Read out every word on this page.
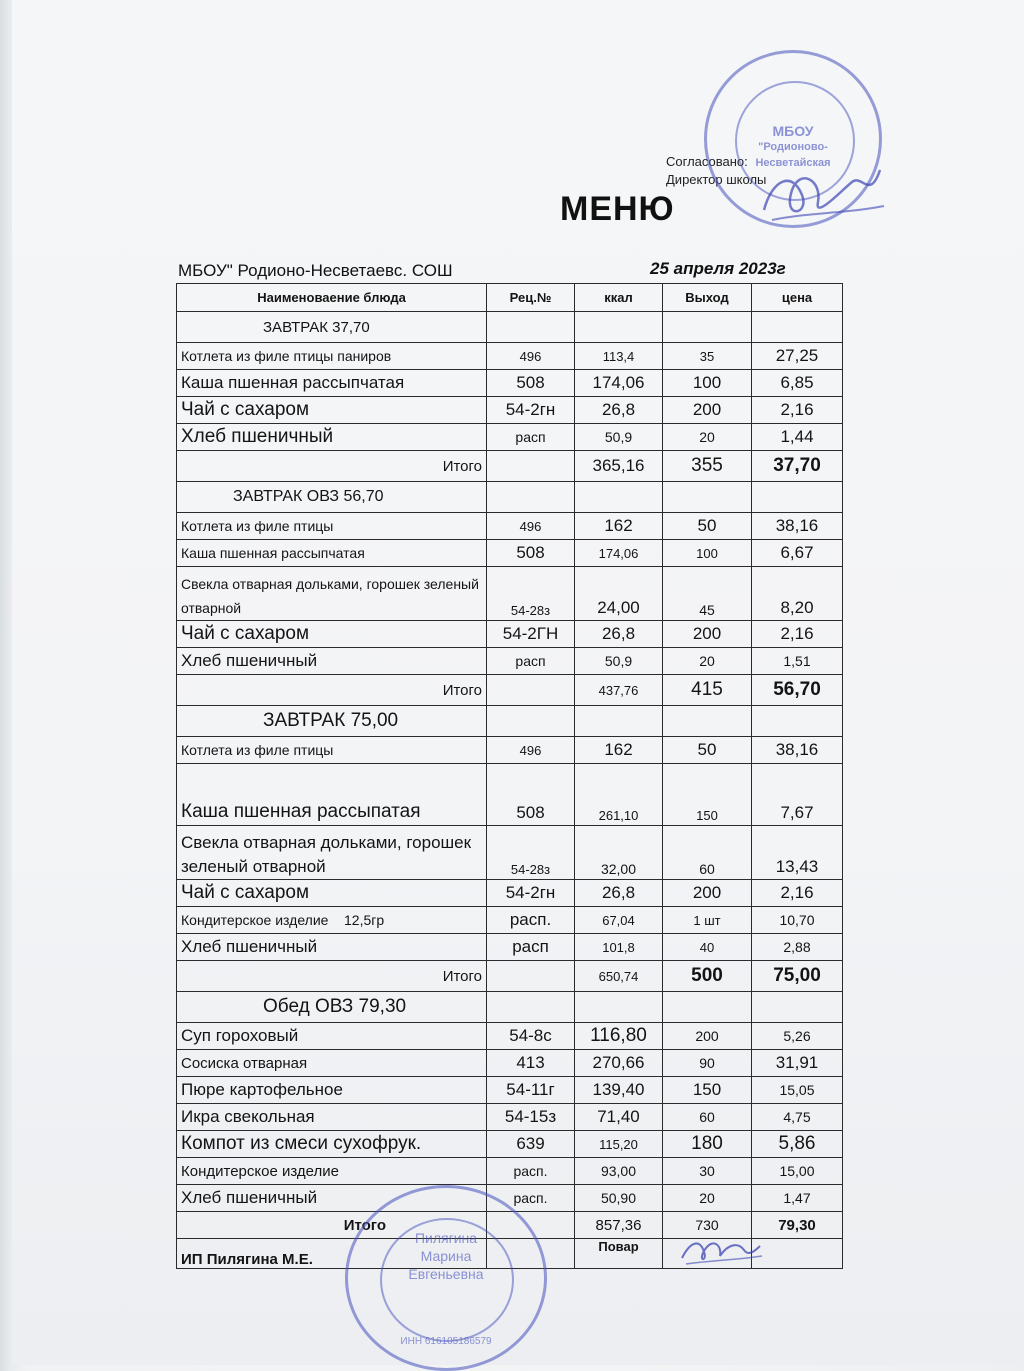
Согласовано:
Директор школы
МБОУ
"Родионово-
Несветайская
МЕНЮ
МБОУ" Родионо-Несветаевс. СОШ	25 апреля 2023г
Наименоваение блюда	Рец.№	ккал	Выход	цена
ЗАВТРАК 37,70				
Котлета из филе птицы паниров	496	113,4	35	27,25
Каша пшенная рассыпчатая	508	174,06	100	6,85
Чай с сахаром	54-2гн	26,8	200	2,16
Хлеб пшеничный	расп	50,9	20	1,44
Итого		365,16	355	37,70
ЗАВТРАК ОВЗ 56,70				
Котлета из филе птицы	496	162	50	38,16
Каша пшенная рассыпчатая	508	174,06	100	6,67
Свекла отварная дольками, горошек зеленый отварной	54-28з	24,00	45	8,20
Чай с сахаром	54-2ГН	26,8	200	2,16
Хлеб пшеничный	расп	50,9	20	1,51
Итого		437,76	415	56,70
ЗАВТРАК 75,00				
Котлета из филе птицы	496	162	50	38,16
Каша пшенная рассыпатая	508	261,10	150	7,67
Свекла отварная дольками, горошек зеленый отварной	54-28з	32,00	60	13,43
Чай с сахаром	54-2гн	26,8	200	2,16
Кондитерское изделие 12,5гр	расп.	67,04	1 шт	10,70
Хлеб пшеничный	расп	101,8	40	2,88
Итого		650,74	500	75,00
Обед ОВЗ 79,30				
Суп гороховый	54-8с	116,80	200	5,26
Сосиска отварная	413	270,66	90	31,91
Пюре картофельное	54-11г	139,40	150	15,05
Икра свекольная	54-15з	71,40	60	4,75
Компот из смеси сухофрук.	639	115,20	180	5,86
Кондитерское изделие	расп.	93,00	30	15,00
Хлеб пшеничный	расп.	50,90	20	1,47
Итого		857,36	730	79,30
ИП Пилягина М.Е.		Повар		
Пилягина
Марина
Евгеньевна
ИНН 616105186579
